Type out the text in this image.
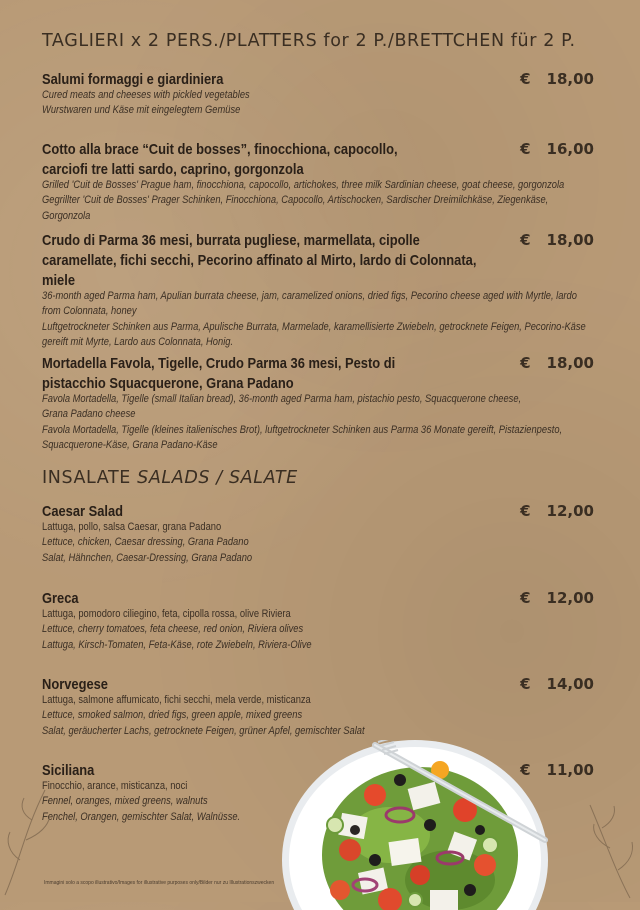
TAGLIERI x 2 PERS./PLATTERS for 2 P./BRETTCHEN für 2 P.
Salumi formaggi e giardiniera
Cured meats and cheeses with pickled vegetables
Wurstwaren und Käse mit eingelegtem Gemüse
€ 18,00
Cotto alla brace “Cuit de bosses”, finocchiona, capocollo, carciofi tre latti sardo, caprino, gorgonzola
Grilled 'Cuit de Bosses' Prague ham, finocchiona, capocollo, artichokes, three milk Sardinian cheese, goat cheese, gorgonzola
Gegrillter 'Cuit de Bosses' Prager Schinken, Finocchiona, Capocollo, Artischocken, Sardischer Dreimilchkäse, Ziegenkäse, Gorgonzola
€ 16,00
Crudo di Parma 36 mesi, burrata pugliese, marmellata, cipolle caramellate, fichi secchi, Pecorino affinato al Mirto, lardo di Colonnata, miele
36-month aged Parma ham, Apulian burrata cheese, jam, caramelized onions, dried figs, Pecorino cheese aged with Myrtle, lardo from Colonnata, honey
Luftgetrockneter Schinken aus Parma, Apulische Burrata, Marmelade, karamellisierte Zwiebeln, getrocknete Feigen, Pecorino-Käse gereift mit Myrte, Lardo aus Colonnata, Honig.
€ 18,00
Mortadella Favola, Tigelle, Crudo Parma 36 mesi, Pesto di pistacchio Squacquerone, Grana Padano
Favola Mortadella, Tigelle (small Italian bread), 36-month aged Parma ham, pistachio pesto, Squacquerone cheese, Grana Padano cheese
Favola Mortadella, Tigelle (kleines italienisches Brot), luftgetrockneter Schinken aus Parma 36 Monate gereift, Pistazienpesto, Squacquerone-Käse, Grana Padano-Käse
€ 18,00
INSALATE SALADS / SALATE
Caesar Salad
Lattuga, pollo, salsa Caesar, grana Padano
Lettuce, chicken, Caesar dressing, Grana Padano
Salat, Hähnchen, Caesar-Dressing, Grana Padano
€ 12,00
Greca
Lattuga, pomodoro ciliegino, feta, cipolla rossa, olive Riviera
Lettuce, cherry tomatoes, feta cheese, red onion, Riviera olives
Lattuga, Kirsch-Tomaten, Feta-Käse, rote Zwiebeln, Riviera-Olive
€ 12,00
Norvegese
Lattuga, salmone affumicato, fichi secchi, mela verde, misticanza
Lettuce, smoked salmon, dried figs, green apple, mixed greens
Salat, geräucherter Lachs, getrocknete Feigen, grüner Apfel, gemischter Salat
€ 14,00
Siciliana
Finocchio, arance, misticanza, noci
Fennel, oranges, mixed greens, walnuts
Fenchel, Orangen, gemischter Salat, Walnüsse.
€ 11,00
Immagini solo a scopo illustrativo/Images for illustrative purposes only/Bilder nur zu Illustrationszwecken
